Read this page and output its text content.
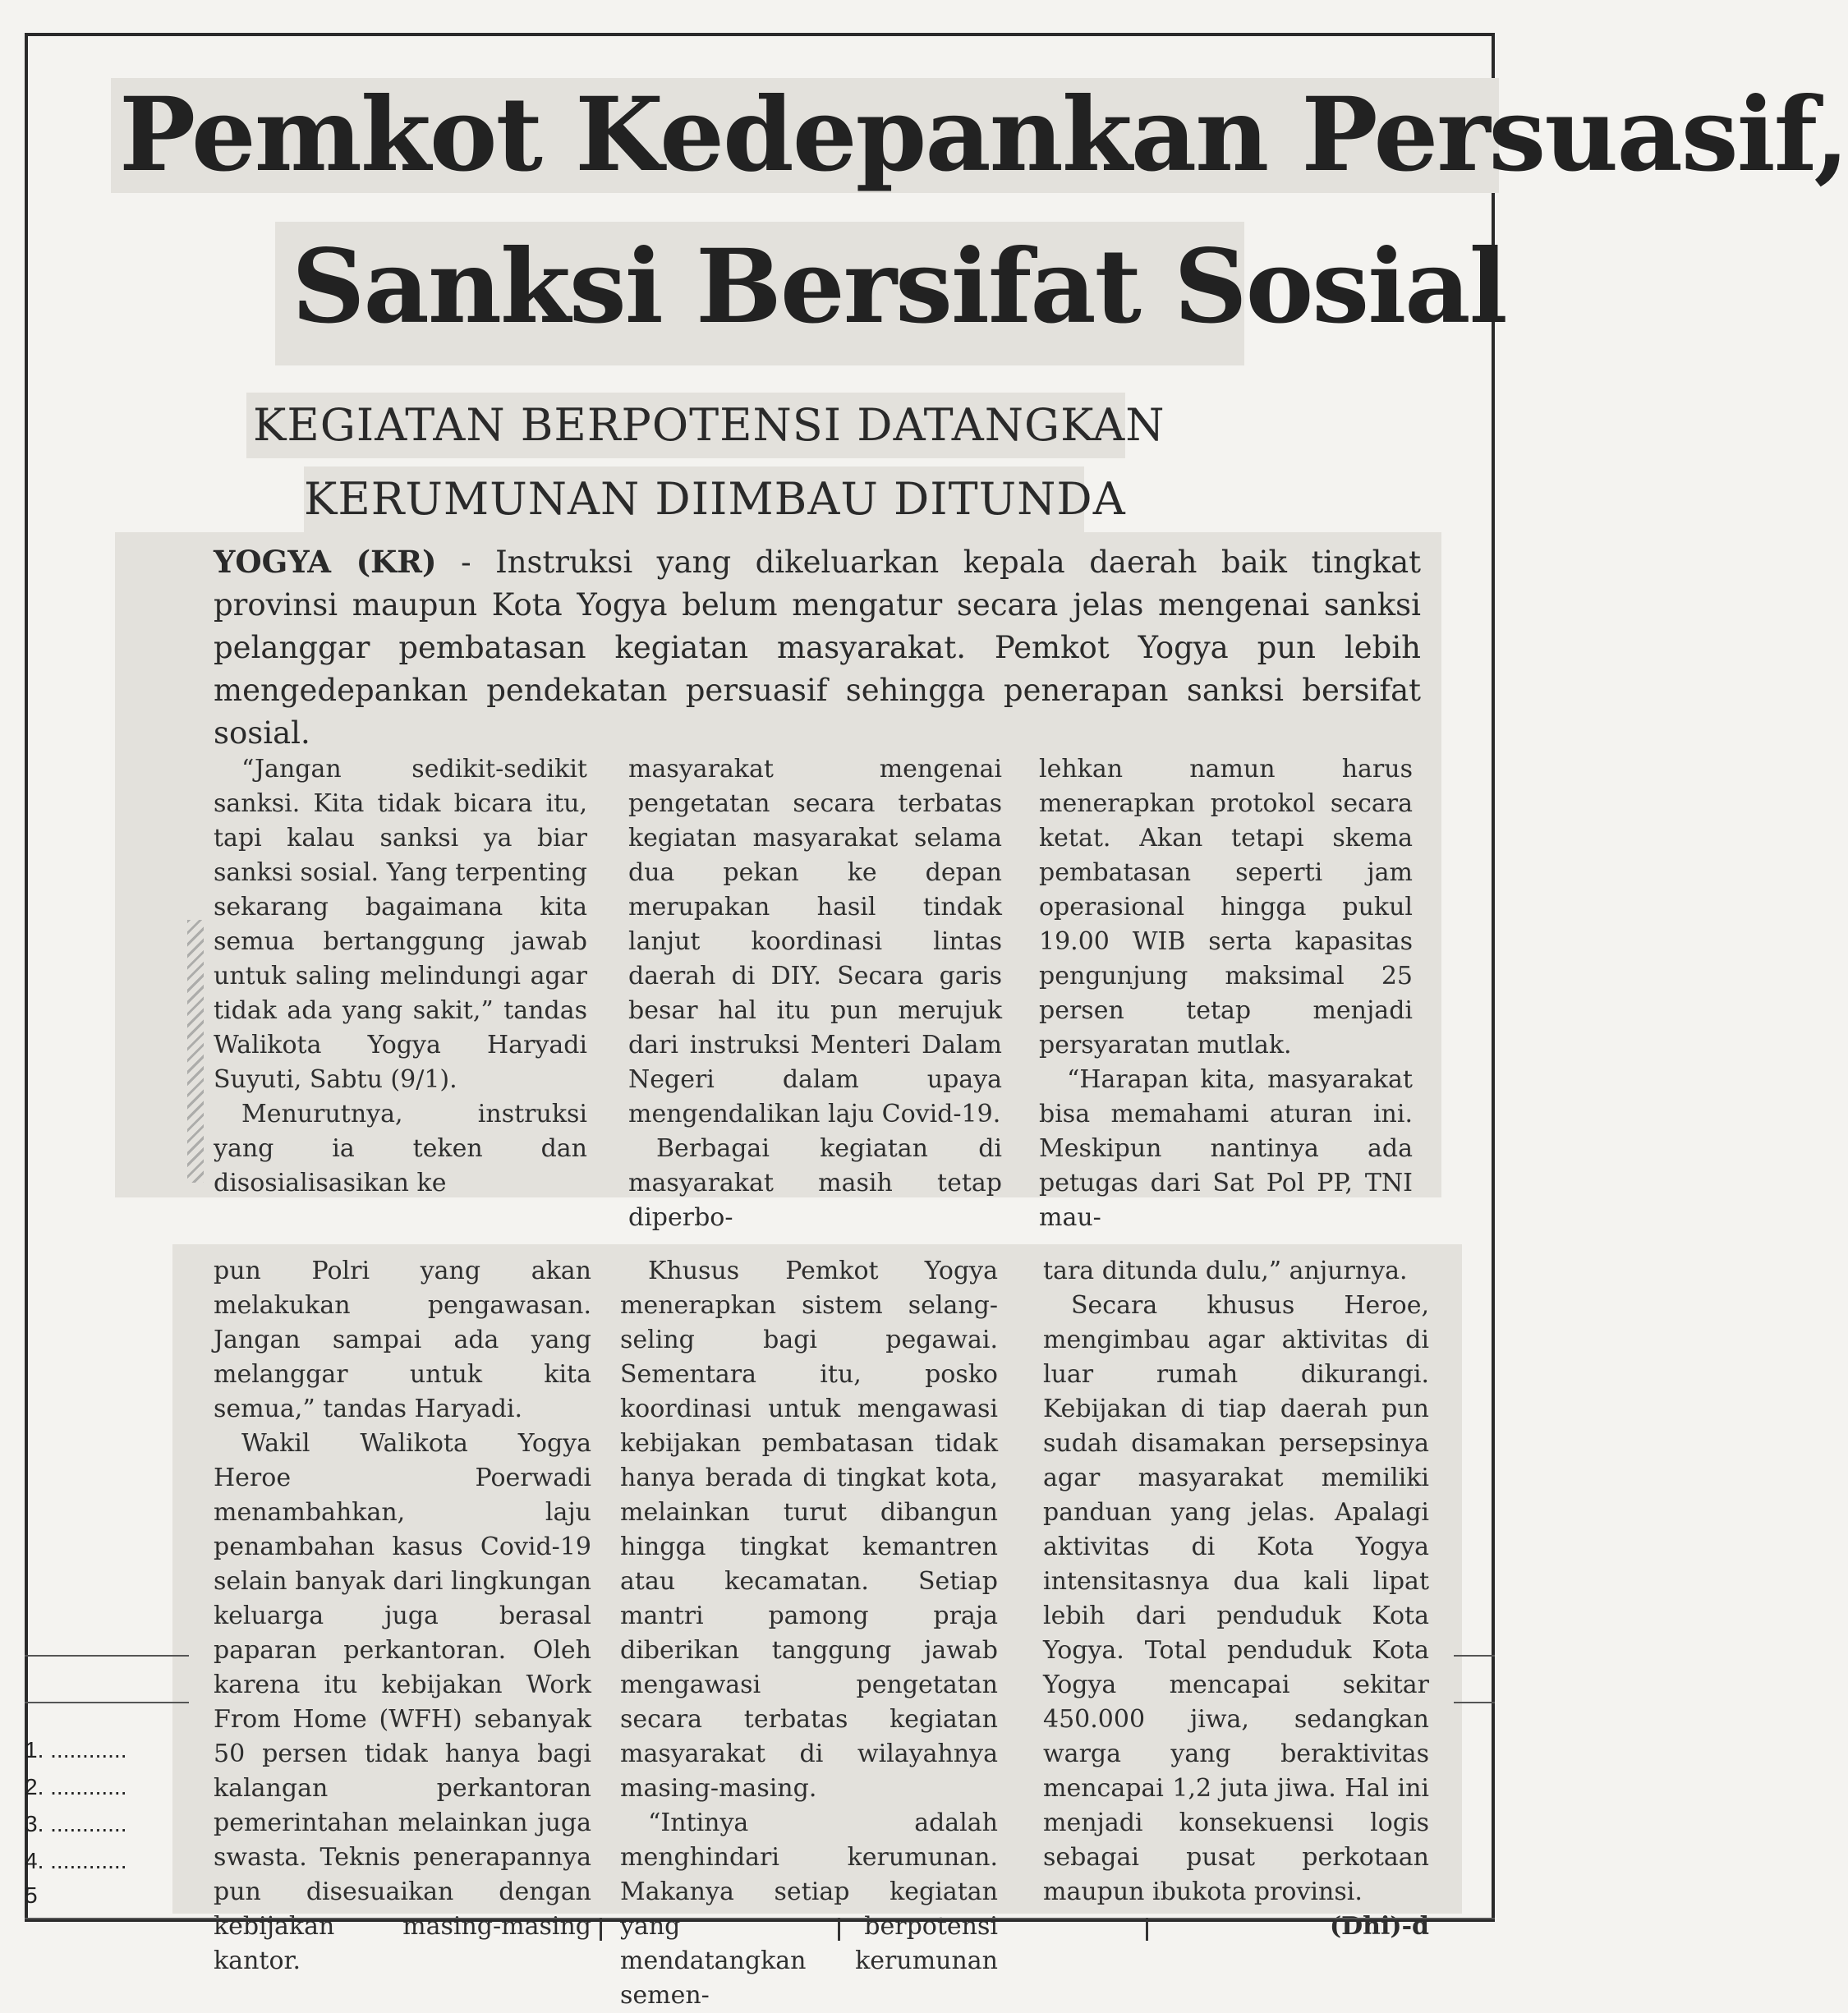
Pemkot Kedepankan Persuasif,
Sanksi Bersifat Sosial
KEGIATAN BERPOTENSI DATANGKAN
KERUMUNAN DIIMBAU DITUNDA
YOGYA (KR) - Instruksi yang dikeluarkan kepala daerah baik tingkat provinsi maupun Kota Yogya belum mengatur secara jelas mengenai sanksi pelanggar pembatasan kegiatan masyarakat. Pemkot Yogya pun lebih mengedepankan pendekatan persuasif sehingga penerapan sanksi bersifat sosial.

“Jangan sedikit-sedikit sanksi. Kita tidak bicara itu, tapi kalau sanksi ya biar sanksi sosial. Yang terpenting sekarang bagaimana kita semua bertanggung jawab untuk saling melindungi agar tidak ada yang sakit,” tandas Walikota Yogya Haryadi Suyuti, Sabtu (9/1).

Menurutnya, instruksi yang ia teken dan disosialisasikan ke

masyarakat mengenai pengetatan secara terbatas kegiatan masyarakat selama dua pekan ke depan merupakan hasil tindak lanjut koordinasi lintas daerah di DIY. Secara garis besar hal itu pun merujuk dari instruksi Menteri Dalam Negeri dalam upaya mengendalikan laju Covid-19.

Berbagai kegiatan di masyarakat masih tetap diperbo-

lehkan namun harus menerapkan protokol secara ketat. Akan tetapi skema pembatasan seperti jam operasional hingga pukul 19.00 WIB serta kapasitas pengunjung maksimal 25 persen tetap menjadi persyaratan mutlak.

“Harapan kita, masyarakat bisa memahami aturan ini. Meskipun nantinya ada petugas dari Sat Pol PP, TNI mau-

pun Polri yang akan melakukan pengawasan. Jangan sampai ada yang melanggar untuk kita semua,” tandas Haryadi.

Wakil Walikota Yogya Heroe Poerwadi menambahkan, laju penambahan kasus Covid-19 selain banyak dari lingkungan keluarga juga berasal paparan perkantoran. Oleh karena itu kebijakan Work From Home (WFH) sebanyak 50 persen tidak hanya bagi kalangan perkantoran pemerintahan melainkan juga swasta. Teknis penerapannya pun disesuaikan dengan kebijakan masing-masing kantor.

Khusus Pemkot Yogya menerapkan sistem selang-seling bagi pegawai. Sementara itu, posko koordinasi untuk mengawasi kebijakan pembatasan tidak hanya berada di tingkat kota, melainkan turut dibangun hingga tingkat kemantren atau kecamatan. Setiap mantri pamong praja diberikan tanggung jawab mengawasi pengetatan secara terbatas kegiatan masyarakat di wilayahnya masing-masing.

“Intinya adalah menghindari kerumunan. Makanya setiap kegiatan yang berpotensi mendatangkan kerumunan semen-

tara ditunda dulu,” anjurnya.

Secara khusus Heroe, mengimbau agar aktivitas di luar rumah dikurangi. Kebijakan di tiap daerah pun sudah disamakan persepsinya agar masyarakat memiliki panduan yang jelas. Apalagi aktivitas di Kota Yogya intensitasnya dua kali lipat lebih dari penduduk Kota Yogya. Total penduduk Kota Yogya mencapai sekitar 450.000 jiwa, sedangkan warga yang beraktivitas mencapai 1,2 juta jiwa. Hal ini menjadi konsekuensi logis sebagai pusat perkotaan maupun ibukota provinsi.

(Dhi)-d
1. ............
2. ............
3. ............
4. ............
5
